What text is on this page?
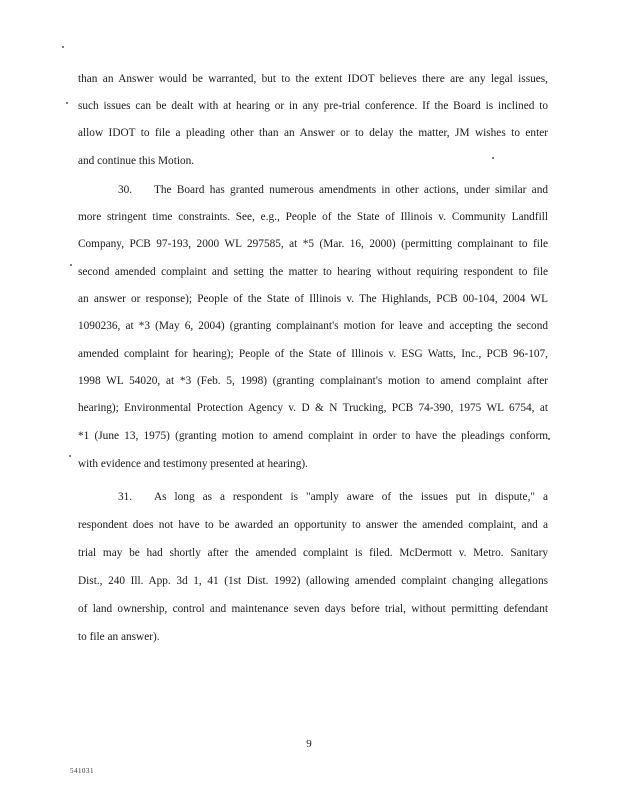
than an Answer would be warranted, but to the extent IDOT believes there are any legal issues,
such issues can be dealt with at hearing or in any pre-trial conference. If the Board is inclined to
allow IDOT to file a pleading other than an Answer or to delay the matter, JM wishes to enter
and continue this Motion.
30. The Board has granted numerous amendments in other actions, under similar and
more stringent time constraints. See, e.g., People of the State of Illinois v. Community Landfill
Company, PCB 97-193, 2000 WL 297585, at *5 (Mar. 16, 2000) (permitting complainant to file
second amended complaint and setting the matter to hearing without requiring respondent to file
an answer or response); People of the State of Illinois v. The Highlands, PCB 00-104, 2004 WL
1090236, at *3 (May 6, 2004) (granting complainant's motion for leave and accepting the second
amended complaint for hearing); People of the State of Illinois v. ESG Watts, Inc., PCB 96-107,
1998 WL 54020, at *3 (Feb. 5, 1998) (granting complainant's motion to amend complaint after
hearing); Environmental Protection Agency v. D & N Trucking, PCB 74-390, 1975 WL 6754, at
*1 (June 13, 1975) (granting motion to amend complaint in order to have the pleadings conform
with evidence and testimony presented at hearing).
31. As long as a respondent is "amply aware of the issues put in dispute," a
respondent does not have to be awarded an opportunity to answer the amended complaint, and a
trial may be had shortly after the amended complaint is filed. McDermott v. Metro. Sanitary
Dist., 240 Ill. App. 3d 1, 41 (1st Dist. 1992) (allowing amended complaint changing allegations
of land ownership, control and maintenance seven days before trial, without permitting defendant
to file an answer).
9
541031
